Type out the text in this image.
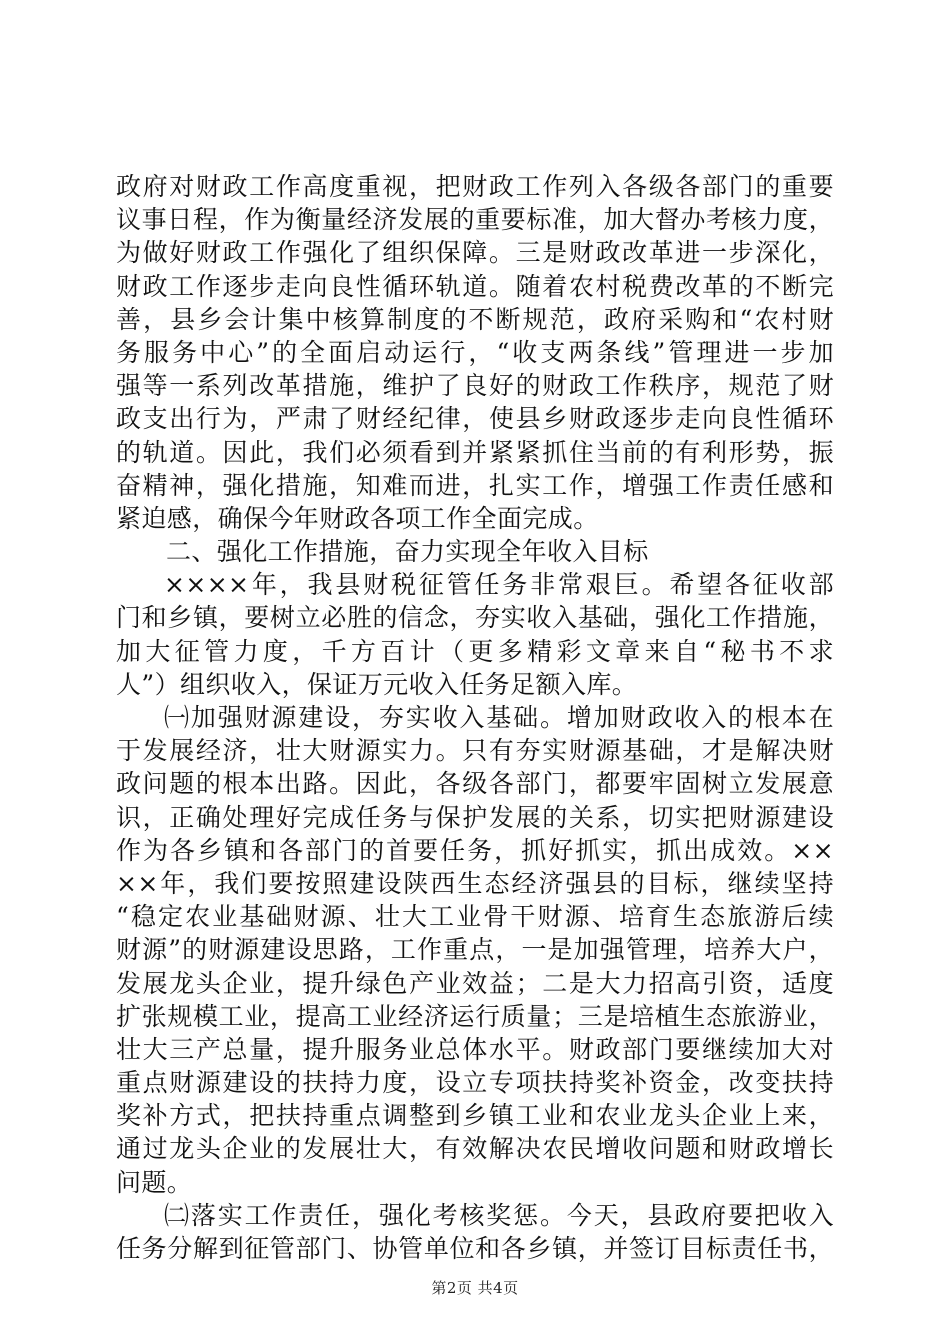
政府对财政工作高度重视，把财政工作列入各级各部门的重要
议事日程，作为衡量经济发展的重要标准，加大督办考核力度，
为做好财政工作强化了组织保障。三是财政改革进一步深化，
财政工作逐步走向良性循环轨道。随着农村税费改革的不断完
善，县乡会计集中核算制度的不断规范，政府采购和“农村财
务服务中心”的全面启动运行，“收支两条线”管理进一步加
强等一系列改革措施，维护了良好的财政工作秩序，规范了财
政支出行为，严肃了财经纪律，使县乡财政逐步走向良性循环
的轨道。因此，我们必须看到并紧紧抓住当前的有利形势，振
奋精神，强化措施，知难而进，扎实工作，增强工作责任感和
紧迫感，确保今年财政各项工作全面完成。
二、强化工作措施，奋力实现全年收入目标
××××年，我县财税征管任务非常艰巨。希望各征收部
门和乡镇，要树立必胜的信念，夯实收入基础，强化工作措施，
加大征管力度，千方百计（更多精彩文章来自“秘书不求
人”）组织收入，保证万元收入任务足额入库。
㈠加强财源建设，夯实收入基础。增加财政收入的根本在
于发展经济，壮大财源实力。只有夯实财源基础，才是解决财
政问题的根本出路。因此，各级各部门，都要牢固树立发展意
识，正确处理好完成任务与保护发展的关系，切实把财源建设
作为各乡镇和各部门的首要任务，抓好抓实，抓出成效。××
××年，我们要按照建设陕西生态经济强县的目标，继续坚持
“稳定农业基础财源、壮大工业骨干财源、培育生态旅游后续
财源”的财源建设思路，工作重点，一是加强管理，培养大户，
发展龙头企业，提升绿色产业效益；二是大力招高引资，适度
扩张规模工业，提高工业经济运行质量；三是培植生态旅游业，
壮大三产总量，提升服务业总体水平。财政部门要继续加大对
重点财源建设的扶持力度，设立专项扶持奖补资金，改变扶持
奖补方式，把扶持重点调整到乡镇工业和农业龙头企业上来，
通过龙头企业的发展壮大，有效解决农民增收问题和财政增长
问题。
㈡落实工作责任，强化考核奖惩。今天，县政府要把收入
任务分解到征管部门、协管单位和各乡镇，并签订目标责任书，
第2页 共4页
